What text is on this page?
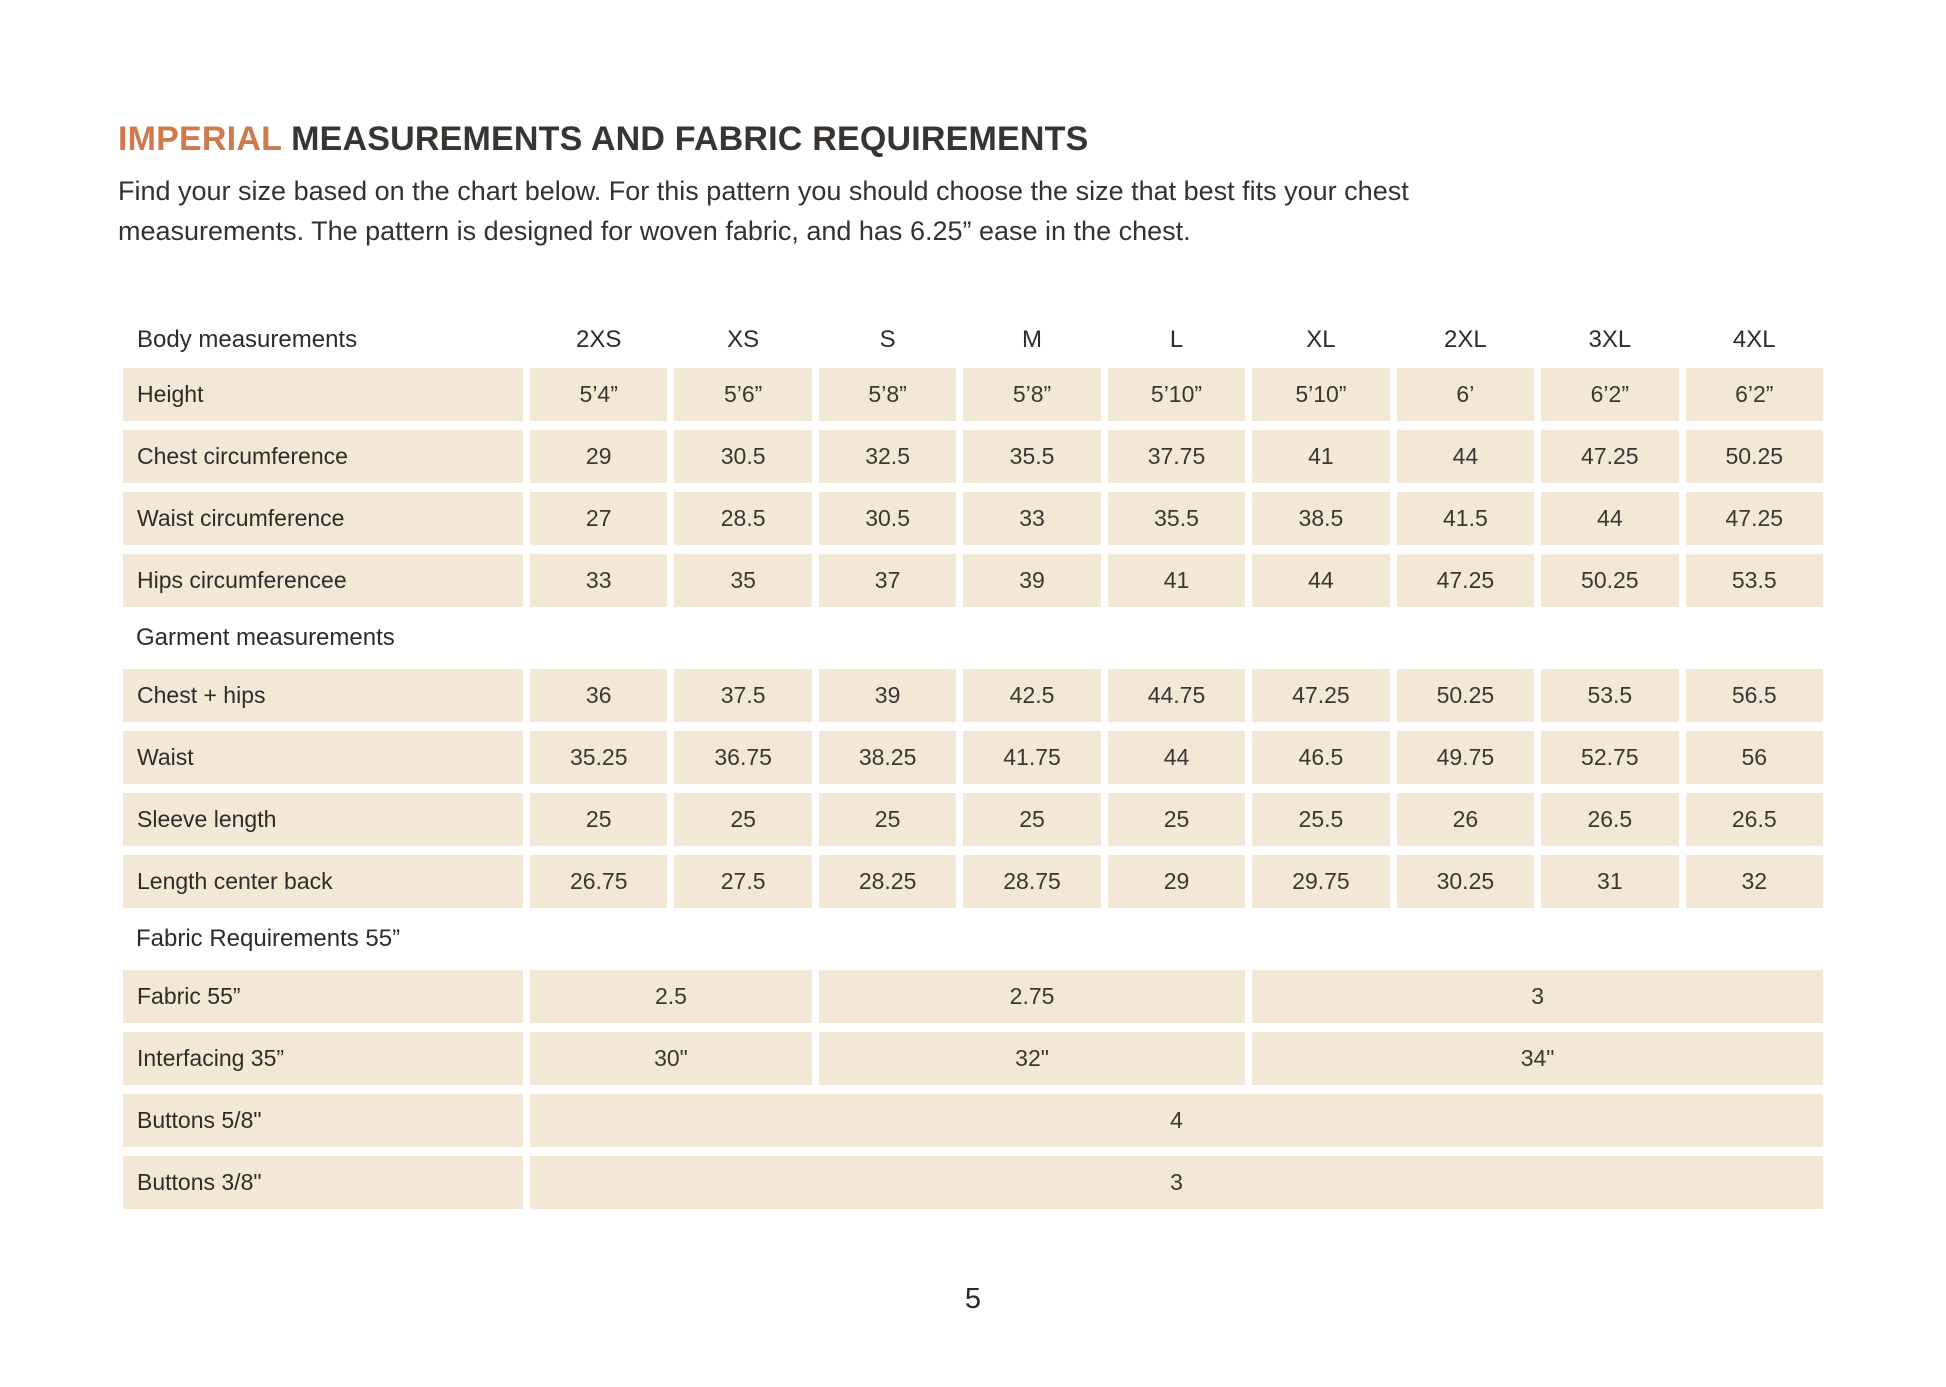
IMPERIAL MEASUREMENTS AND FABRIC REQUIREMENTS

Find your size based on the chart below. For this pattern you should choose the size that best fits your chest
measurements. The pattern is designed for woven fabric, and has 6.25” ease in the chest.

Body measurements	2XS	XS	S	M	L	XL	2XL	3XL	4XL
Height	5’4”	5’6”	5’8”	5’8”	5’10”	5’10”	6’	6’2”	6’2”
Chest circumference	29	30.5	32.5	35.5	37.75	41	44	47.25	50.25
Waist circumference	27	28.5	30.5	33	35.5	38.5	41.5	44	47.25
Hips circumferencee	33	35	37	39	41	44	47.25	50.25	53.5
Garment measurements
Chest + hips	36	37.5	39	42.5	44.75	47.25	50.25	53.5	56.5
Waist	35.25	36.75	38.25	41.75	44	46.5	49.75	52.75	56
Sleeve length	25	25	25	25	25	25.5	26	26.5	26.5
Length center back	26.75	27.5	28.25	28.75	29	29.75	30.25	31	32
Fabric Requirements 55”
Fabric 55”	2.5	2.75	3
Interfacing 35”	30"	32"	34"
Buttons 5/8"	4
Buttons 3/8"	3
5
